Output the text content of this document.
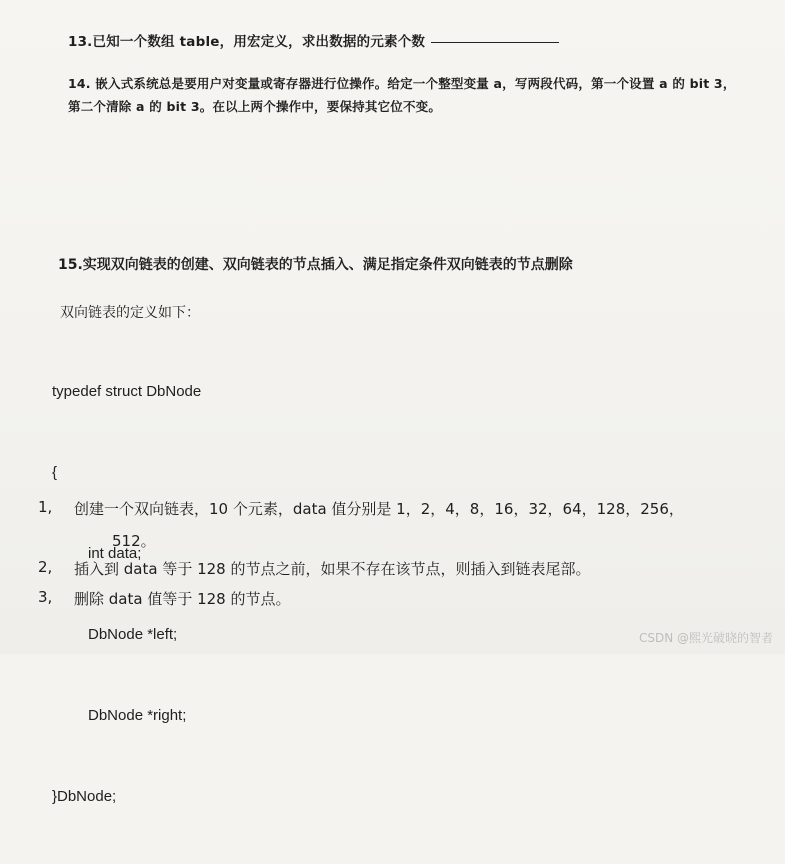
13.已知一个数组 table，用宏定义，求出数据的元素个数
14. 嵌入式系统总是要用户对变量或寄存器进行位操作。给定一个整型变量 a，写两段代码，第一个设置 a 的 bit 3，第二个清除 a 的 bit 3。在以上两个操作中，要保持其它位不变。
15.实现双向链表的创建、双向链表的节点插入、满足指定条件双向链表的节点删除
双向链表的定义如下：

typedef struct DbNode

{

int data;

DbNode *left;

DbNode *right;

}DbNode;

1, 创建一个双向链表，10 个元素，data 值分别是 1，2，4，8，16，32，64，128，256，
512。
2, 插入到 data 等于 128 的节点之前，如果不存在该节点，则插入到链表尾部。
3, 删除 data 值等于 128 的节点。
CSDN @熙光破晓的智者
